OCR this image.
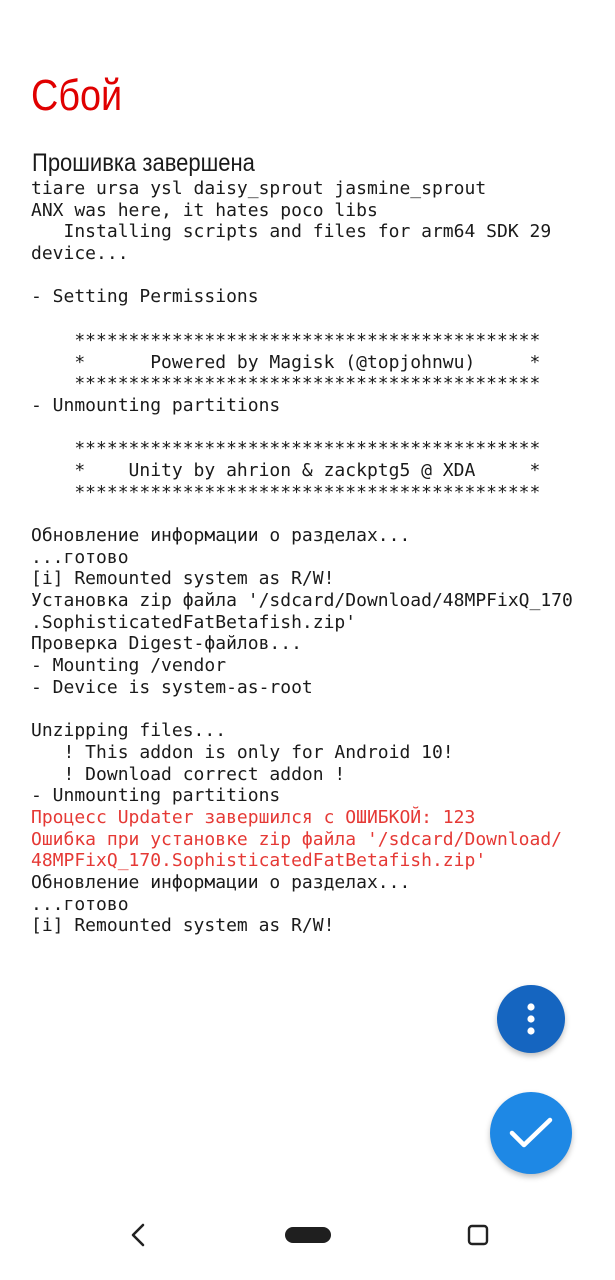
Сбой
Прошивка завершена
tiare ursa ysl daisy_sprout jasmine_sprout
ANX was here, it hates poco libs
Installing scripts and files for arm64 SDK 29
device...
- Setting Permissions
*******************************************
*      Powered by Magisk (@topjohnwu)     *
*******************************************
- Unmounting partitions
*******************************************
*    Unity by ahrion & zackptg5 @ XDA     *
*******************************************
Обновление информации о разделах...
...готово
[i] Remounted system as R/W!
Установка zip файла '/sdcard/Download/48MPFixQ_170
.SophisticatedFatBetafish.zip'
Проверка Digest-файлов...
- Mounting /vendor
- Device is system-as-root
Unzipping files...
! This addon is only for Android 10!
! Download correct addon !
- Unmounting partitions
Процесс Updater завершился с ОШИБКОЙ: 123
Ошибка при установке zip файла '/sdcard/Download/
48MPFixQ_170.SophisticatedFatBetafish.zip'
Обновление информации о разделах...
...готово
[i] Remounted system as R/W!
